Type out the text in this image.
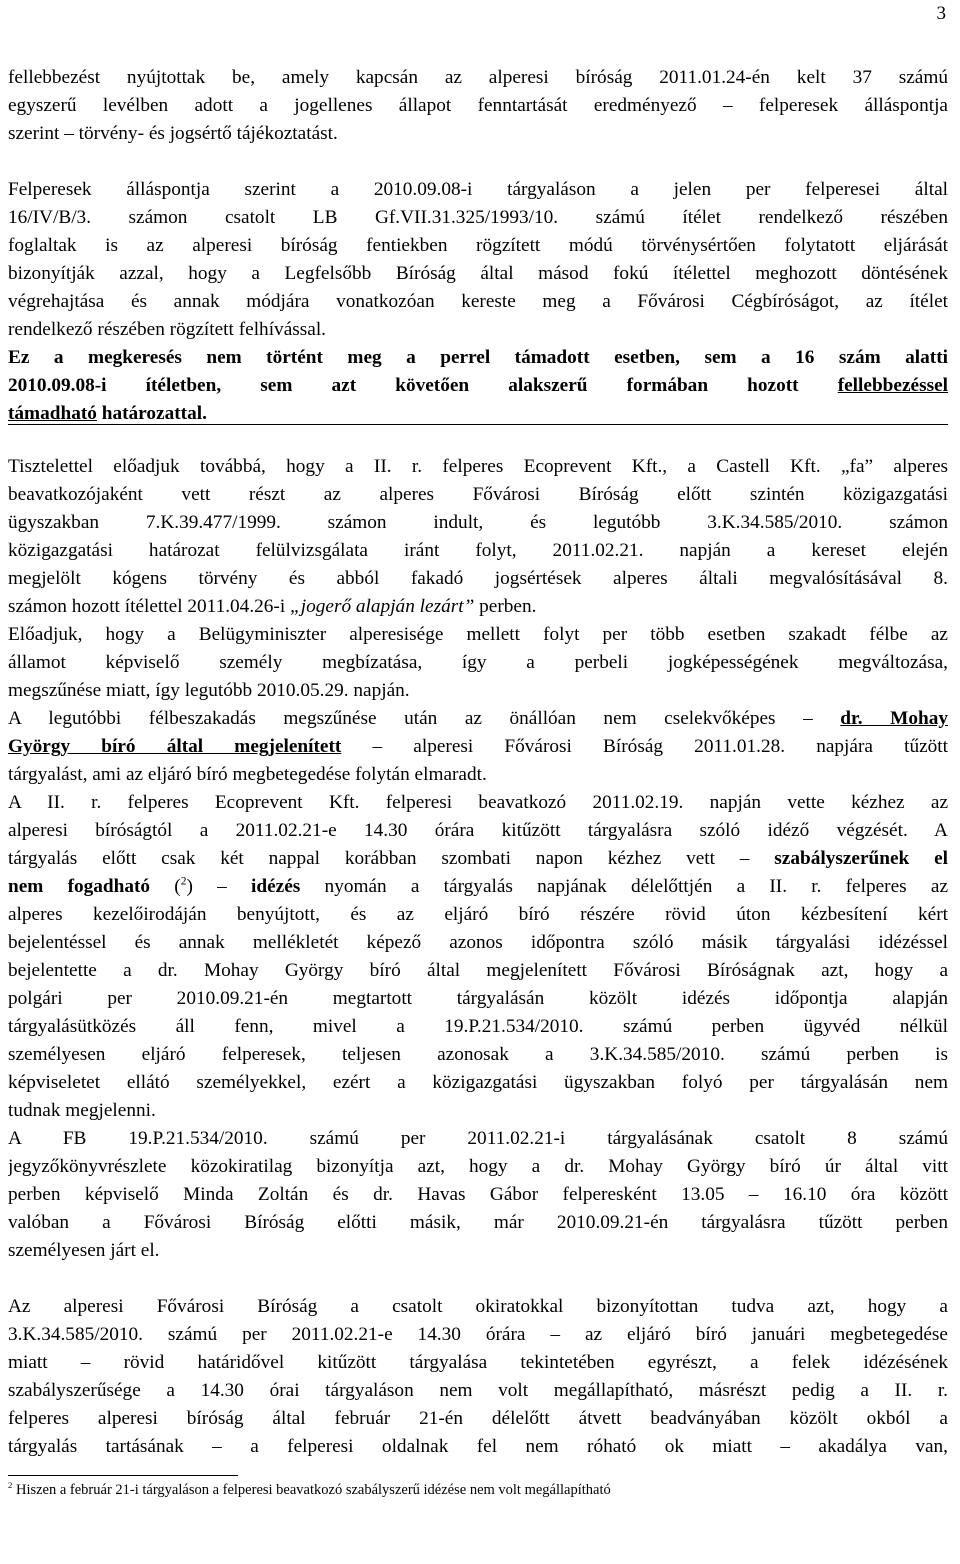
3
fellebbezést nyújtottak be, amely kapcsán az alperesi bíróság 2011.01.24-én kelt 37 számú
egyszerű levélben adott a jogellenes állapot fenntartását eredményező – felperesek álláspontja
szerint – törvény- és jogsértő tájékoztatást.
Felperesek álláspontja szerint a 2010.09.08-i tárgyaláson a jelen per felperesei által
16/IV/B/3. számon csatolt LB Gf.VII.31.325/1993/10. számú ítélet rendelkező részében
foglaltak is az alperesi bíróság fentiekben rögzített módú törvénysértően folytatott eljárását
bizonyítják azzal, hogy a Legfelsőbb Bíróság által másod fokú ítélettel meghozott döntésének
végrehajtása és annak módjára vonatkozóan kereste meg a Fővárosi Cégbíróságot, az ítélet
rendelkező részében rögzített felhívással.
Ez a megkeresés nem történt meg a perrel támadott esetben, sem a 16 szám alatti
2010.09.08-i ítéletben, sem azt követően alakszerű formában hozott fellebbezéssel
támadható határozattal.
Tisztelettel előadjuk továbbá, hogy a II. r. felperes Ecoprevent Kft., a Castell Kft. „fa” alperes
beavatkozójaként vett részt az alperes Fővárosi Bíróság előtt szintén közigazgatási
ügyszakban 7.K.39.477/1999. számon indult, és legutóbb 3.K.34.585/2010. számon
közigazgatási határozat felülvizsgálata iránt folyt, 2011.02.21. napján a kereset elején
megjelölt kógens törvény és abból fakadó jogsértések alperes általi megvalósításával 8.
számon hozott ítélettel 2011.04.26-i „jogerő alapján lezárt” perben.
Előadjuk, hogy a Belügyminiszter alperesisége mellett folyt per több esetben szakadt félbe az
államot képviselő személy megbízatása, így a perbeli jogképességének megváltozása,
megszűnése miatt, így legutóbb 2010.05.29. napján.
A legutóbbi félbeszakadás megszűnése után az önállóan nem cselekvőképes – dr. Mohay
György bíró által megjelenített – alperesi Fővárosi Bíróság 2011.01.28. napjára tűzött
tárgyalást, ami az eljáró bíró megbetegedése folytán elmaradt.
A II. r. felperes Ecoprevent Kft. felperesi beavatkozó 2011.02.19. napján vette kézhez az
alperesi bíróságtól a 2011.02.21-e 14.30 órára kitűzött tárgyalásra szóló idéző végzését. A
tárgyalás előtt csak két nappal korábban szombati napon kézhez vett – szabályszerűnek el
nem fogadható ($^2$) – idézés nyomán a tárgyalás napjának délelőttjén a II. r. felperes az
alperes kezelőirodáján benyújtott, és az eljáró bíró részére rövid úton kézbesítení kért
bejelentéssel és annak mellékletét képező azonos időpontra szóló másik tárgyalási idézéssel
bejelentette a dr. Mohay György bíró által megjelenített Fővárosi Bíróságnak azt, hogy a
polgári per 2010.09.21-én megtartott tárgyalásán közölt idézés időpontja alapján
tárgyalásütközés áll fenn, mivel a 19.P.21.534/2010. számú perben ügyvéd nélkül
személyesen eljáró felperesek, teljesen azonosak a 3.K.34.585/2010. számú perben is
képviseletet ellátó személyekkel, ezért a közigazgatási ügyszakban folyó per tárgyalásán nem
tudnak megjelenni.
A FB 19.P.21.534/2010. számú per 2011.02.21-i tárgyalásának csatolt 8 számú
jegyzőkönyvrészlete közokiratilag bizonyítja azt, hogy a dr. Mohay György bíró úr által vitt
perben képviselő Minda Zoltán és dr. Havas Gábor felperesként 13.05 – 16.10 óra között
valóban a Fővárosi Bíróság előtti másik, már 2010.09.21-én tárgyalásra tűzött perben
személyesen járt el.
Az alperesi Fővárosi Bíróság a csatolt okiratokkal bizonyítottan tudva azt, hogy a
3.K.34.585/2010. számú per 2011.02.21-e 14.30 órára – az eljáró bíró januári megbetegedése
miatt – rövid határidővel kitűzött tárgyalása tekintetében egyrészt, a felek idézésének
szabályszerűsége a 14.30 órai tárgyaláson nem volt megállapítható, másrészt pedig a II. r.
felperes alperesi bíróság által február 21-én délelőtt átvett beadványában közölt okból a
tárgyalás tartásának – a felperesi oldalnak fel nem róható ok miatt – akadálya van,
$^2$ Hiszen a február 21-i tárgyaláson a felperesi beavatkozó szabályszerű idézése nem volt megállapítható
